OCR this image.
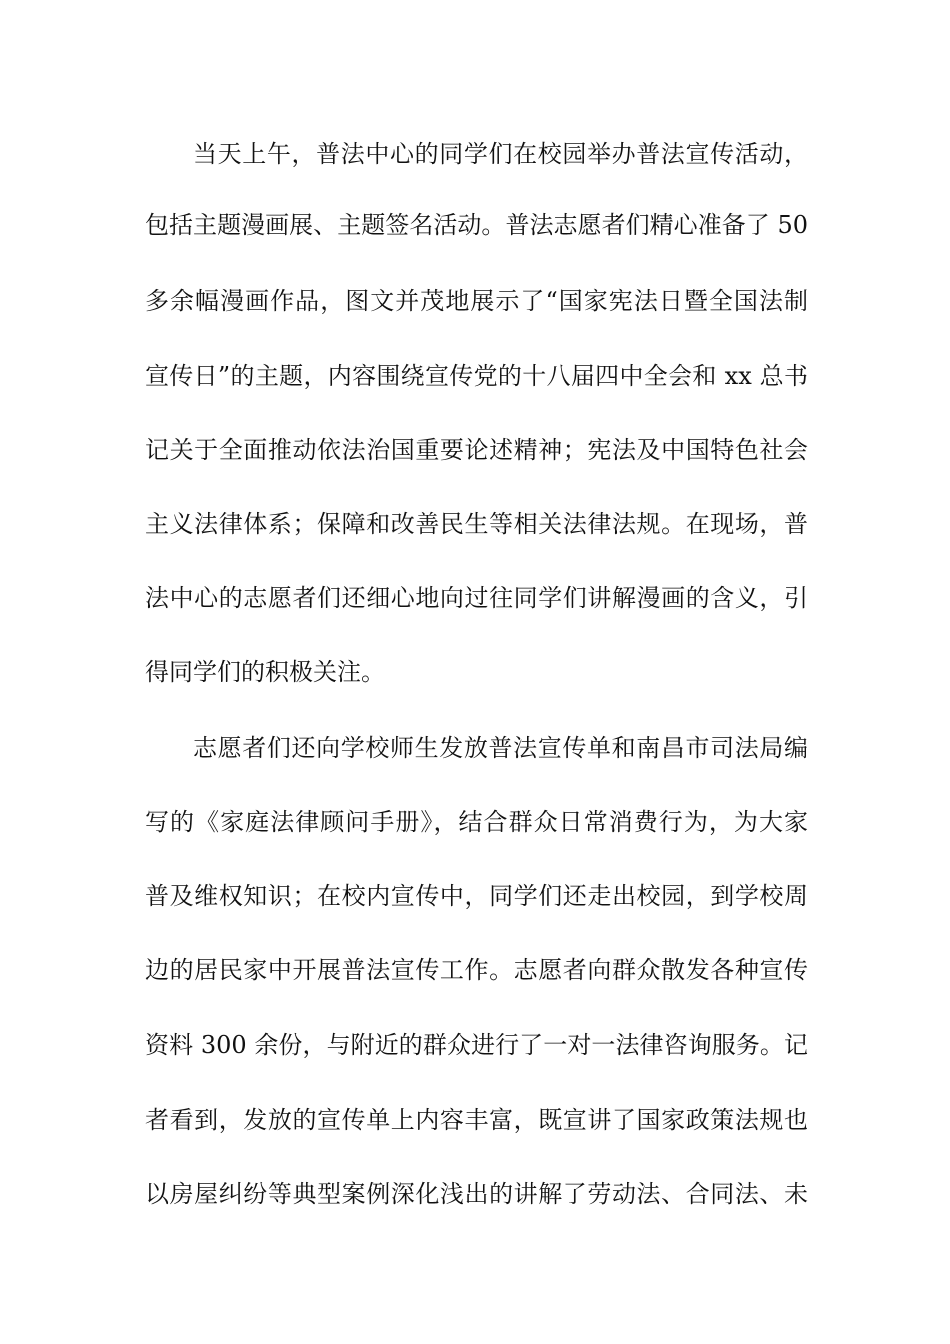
当天上午，普法中心的同学们在校园举办普法宣传活动，
包括主题漫画展、主题签名活动。普法志愿者们精心准备了 50
多余幅漫画作品，图文并茂地展示了“国家宪法日暨全国法制
宣传日”的主题，内容围绕宣传党的十八届四中全会和 xx 总书
记关于全面推动依法治国重要论述精神；宪法及中国特色社会
主义法律体系；保障和改善民生等相关法律法规。在现场，普
法中心的志愿者们还细心地向过往同学们讲解漫画的含义，引
得同学们的积极关注。
志愿者们还向学校师生发放普法宣传单和南昌市司法局编
写的《家庭法律顾问手册》，结合群众日常消费行为，为大家
普及维权知识；在校内宣传中，同学们还走出校园，到学校周
边的居民家中开展普法宣传工作。志愿者向群众散发各种宣传
资料 300 余份，与附近的群众进行了一对一法律咨询服务。记
者看到，发放的宣传单上内容丰富，既宣讲了国家政策法规也
以房屋纠纷等典型案例深化浅出的讲解了劳动法、合同法、未
